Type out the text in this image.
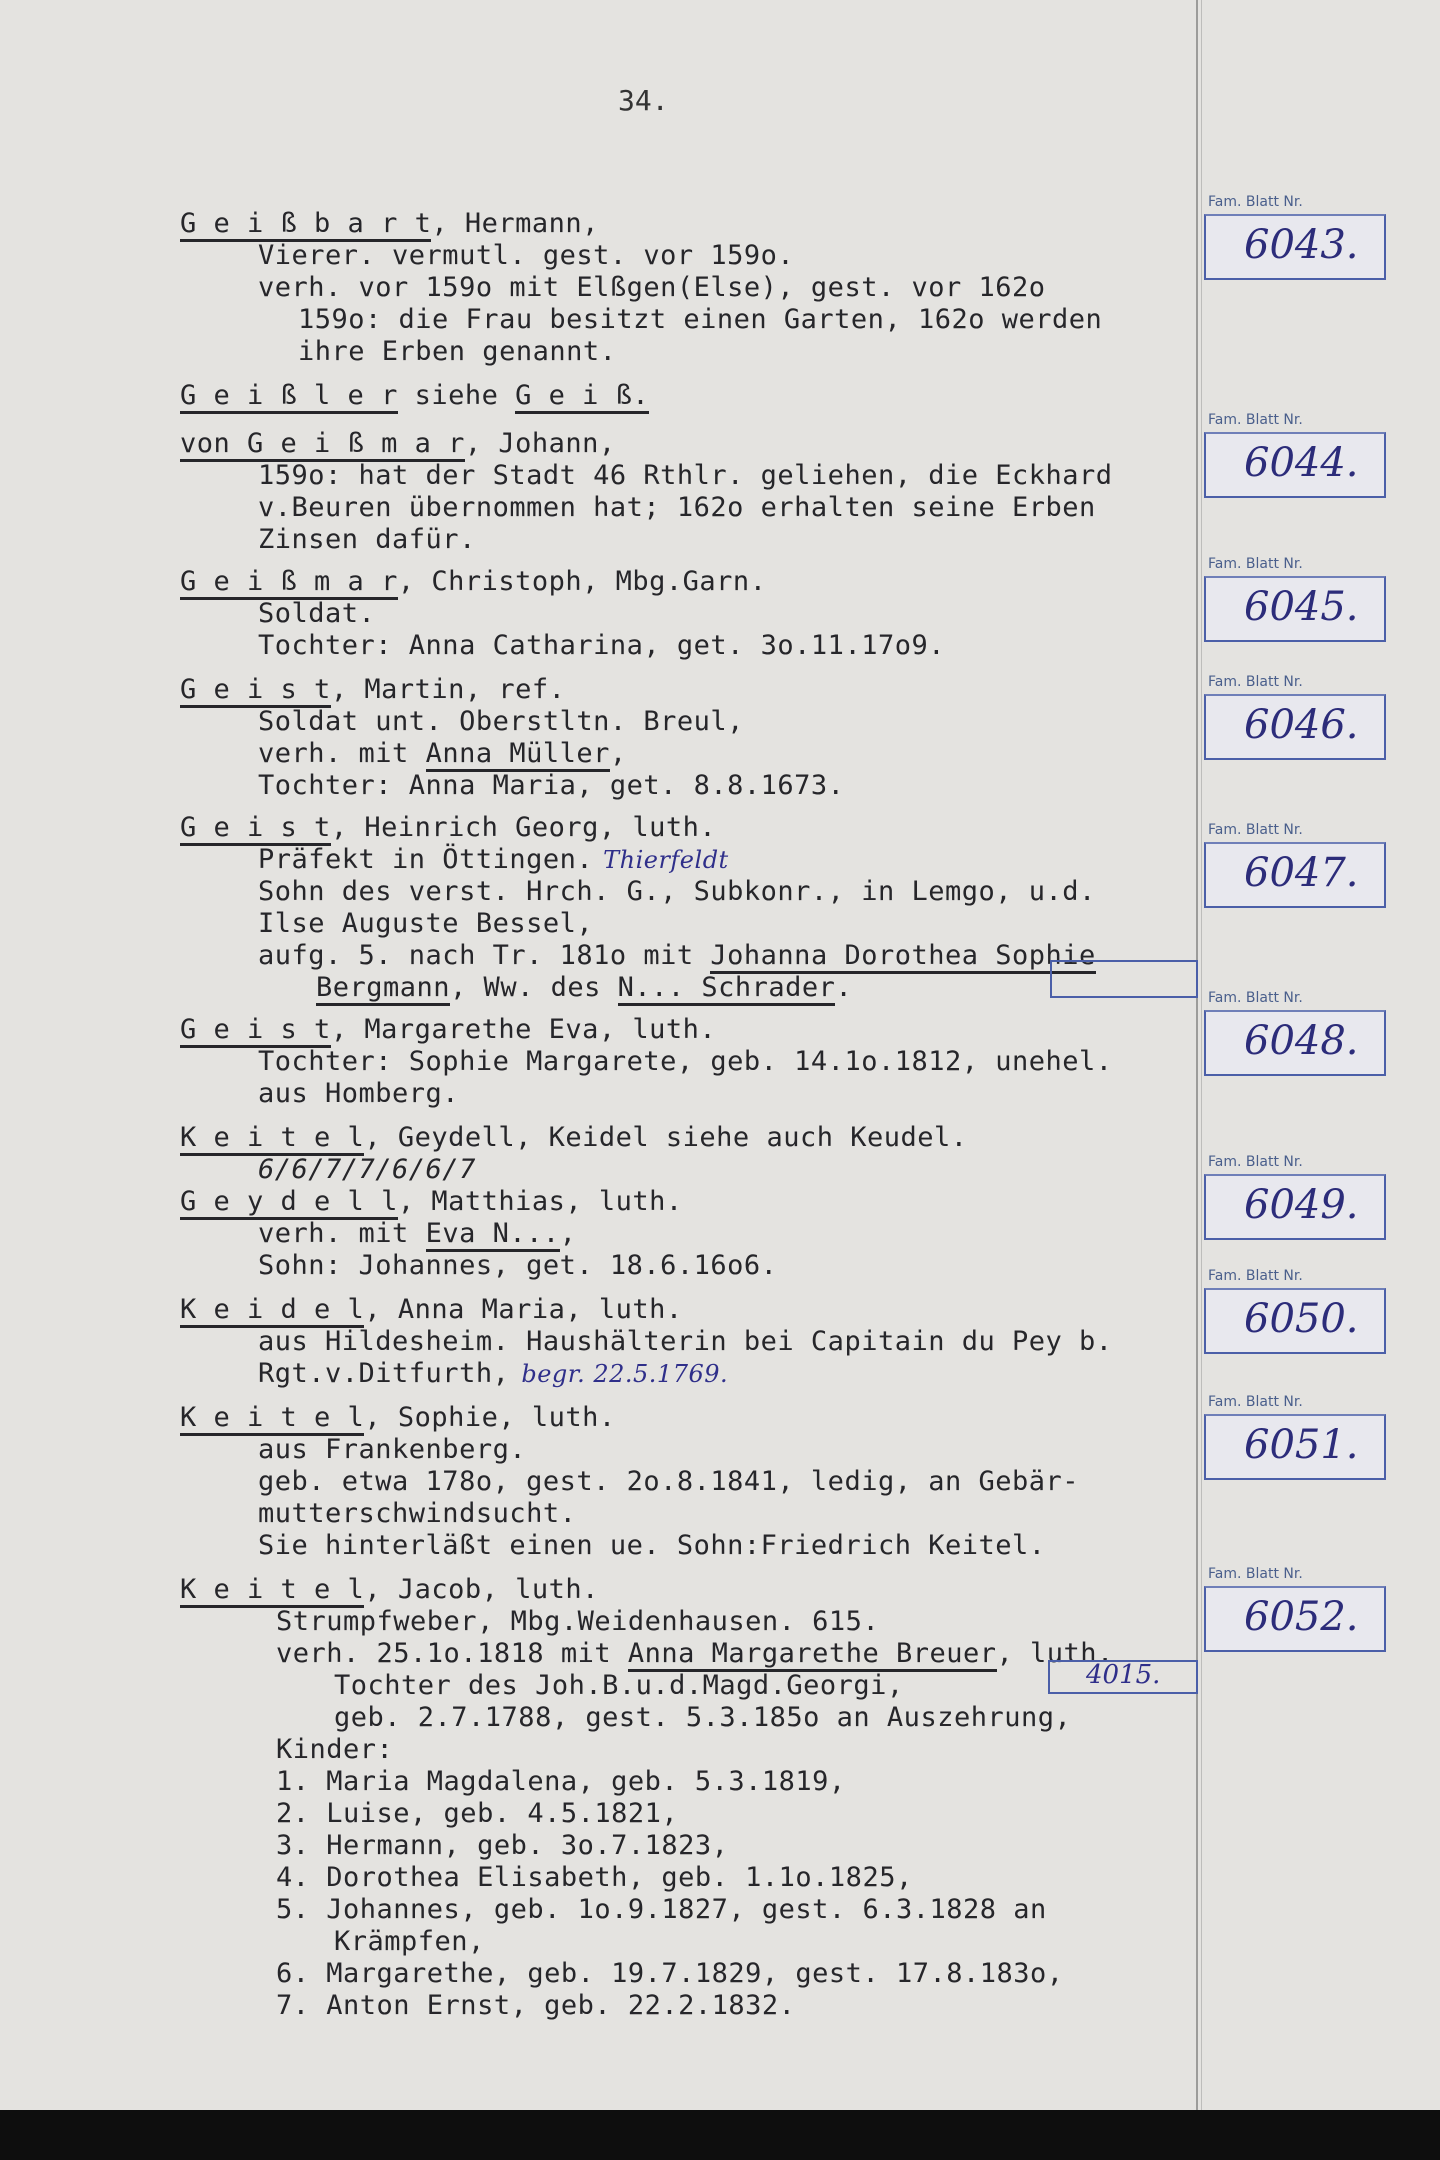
34.
G e i ß b a r t, Hermann,
Vierer. vermutl. gest. vor 159o.
verh. vor 159o mit Elßgen(Else), gest. vor 162o
159o: die Frau besitzt einen Garten, 162o werden
ihre Erben genannt.
G e i ß l e r siehe G e i ß.
von G e i ß m a r, Johann,
159o: hat der Stadt 46 Rthlr. geliehen, die Eckhard
v.Beuren übernommen hat; 162o erhalten seine Erben
Zinsen dafür.
G e i ß m a r, Christoph, Mbg.Garn.
Soldat.
Tochter: Anna Catharina, get. 3o.11.17o9.
G e i s t, Martin, ref.
Soldat unt. Oberstltn. Breul,
verh. mit Anna Müller,
Tochter: Anna Maria, get. 8.8.1673.
G e i s t, Heinrich Georg, luth.
Präfekt in Öttingen. Thierfeldt
Sohn des verst. Hrch. G., Subkonr., in Lemgo, u.d.
Ilse Auguste Bessel,
aufg. 5. nach Tr. 181o mit Johanna Dorothea Sophie
Bergmann, Ww. des N... Schrader.
G e i s t, Margarethe Eva, luth.
Tochter: Sophie Margarete, geb. 14.1o.1812, unehel.
aus Homberg.
K e i t e l, Geydell, Keidel siehe auch Keudel.
6/6/7/7/6/6/7
G e y d e l l, Matthias, luth.
verh. mit Eva N...,
Sohn: Johannes, get. 18.6.16o6.
K e i d e l, Anna Maria, luth.
aus Hildesheim. Haushälterin bei Capitain du Pey b.
Rgt.v.Ditfurth, begr. 22.5.1769.
K e i t e l, Sophie, luth.
aus Frankenberg.
geb. etwa 178o, gest. 2o.8.1841, ledig, an Gebär-
mutterschwindsucht.
Sie hinterläßt einen ue. Sohn:Friedrich Keitel.
K e i t e l, Jacob, luth.
Strumpfweber, Mbg.Weidenhausen. 615.
verh. 25.1o.1818 mit Anna Margarethe Breuer, luth.
Tochter des Joh.B.u.d.Magd.Georgi,	4015.
geb. 2.7.1788, gest. 5.3.185o an Auszehrung,
Kinder:
1. Maria Magdalena, geb. 5.3.1819,
2. Luise, geb. 4.5.1821,
3. Hermann, geb. 3o.7.1823,
4. Dorothea Elisabeth, geb. 1.1o.1825,
5. Johannes, geb. 1o.9.1827, gest. 6.3.1828 an
Krämpfen,
6. Margarethe, geb. 19.7.1829, gest. 17.8.183o,
7. Anton Ernst, geb. 22.2.1832.
Fam. Blatt Nr.
6043.
Fam. Blatt Nr.
6044.
Fam. Blatt Nr.
6045.
Fam. Blatt Nr.
6046.
Fam. Blatt Nr.
6047.
Fam. Blatt Nr.
6048.
Fam. Blatt Nr.
6049.
Fam. Blatt Nr.
6050.
Fam. Blatt Nr.
6051.
Fam. Blatt Nr.
6052.
